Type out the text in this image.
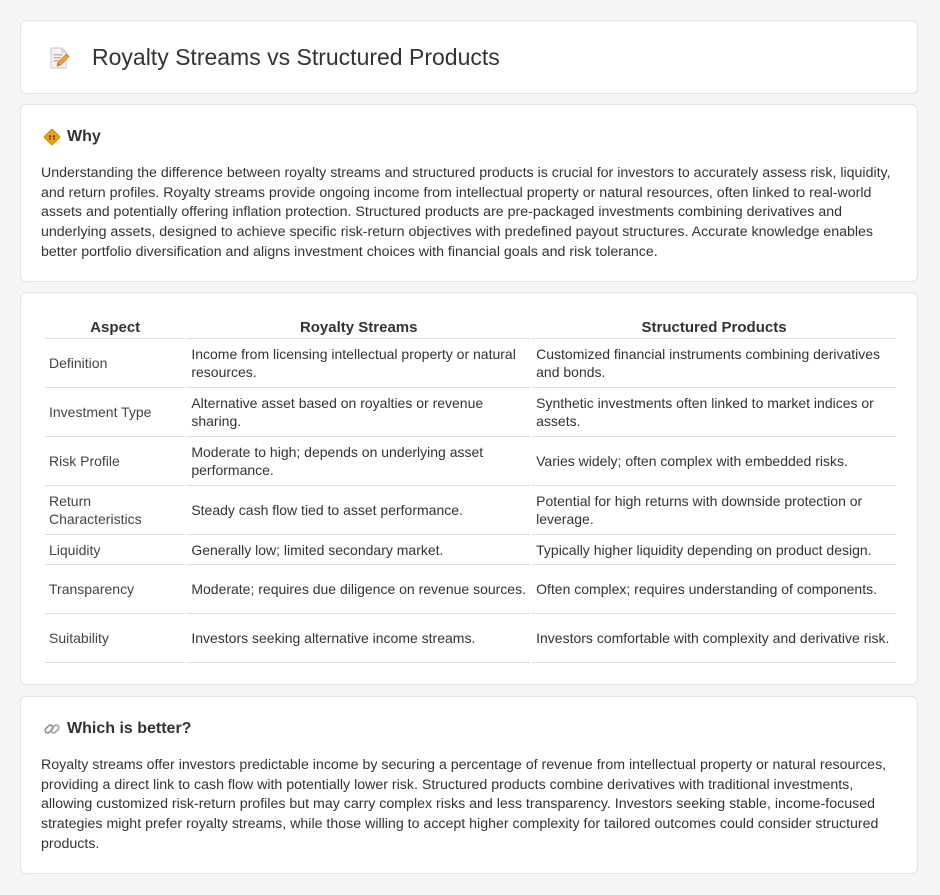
Royalty Streams vs Structured Products
Why

Understanding the difference between royalty streams and structured products is crucial for investors to accurately assess risk, liquidity, and return profiles. Royalty streams provide ongoing income from intellectual property or natural resources, often linked to real-world assets and potentially offering inflation protection. Structured products are pre-packaged investments combining derivatives and underlying assets, designed to achieve specific risk-return objectives with predefined payout structures. Accurate knowledge enables better portfolio diversification and aligns investment choices with financial goals and risk tolerance.

Aspect	Royalty Streams	Structured Products
Definition	Income from licensing intellectual property or natural resources.	Customized financial instruments combining derivatives and bonds.
Investment Type	Alternative asset based on royalties or revenue sharing.	Synthetic investments often linked to market indices or assets.
Risk Profile	Moderate to high; depends on underlying asset performance.	Varies widely; often complex with embedded risks.
Return Characteristics	Steady cash flow tied to asset performance.	Potential for high returns with downside protection or leverage.
Liquidity	Generally low; limited secondary market.	Typically higher liquidity depending on product design.
Transparency	Moderate; requires due diligence on revenue sources.	Often complex; requires understanding of components.
Suitability	Investors seeking alternative income streams.	Investors comfortable with complexity and derivative risk.
Which is better?

Royalty streams offer investors predictable income by securing a percentage of revenue from intellectual property or natural resources, providing a direct link to cash flow with potentially lower risk. Structured products combine derivatives with traditional investments, allowing customized risk-return profiles but may carry complex risks and less transparency. Investors seeking stable, income-focused strategies might prefer royalty streams, while those willing to accept higher complexity for tailored outcomes could consider structured products.
